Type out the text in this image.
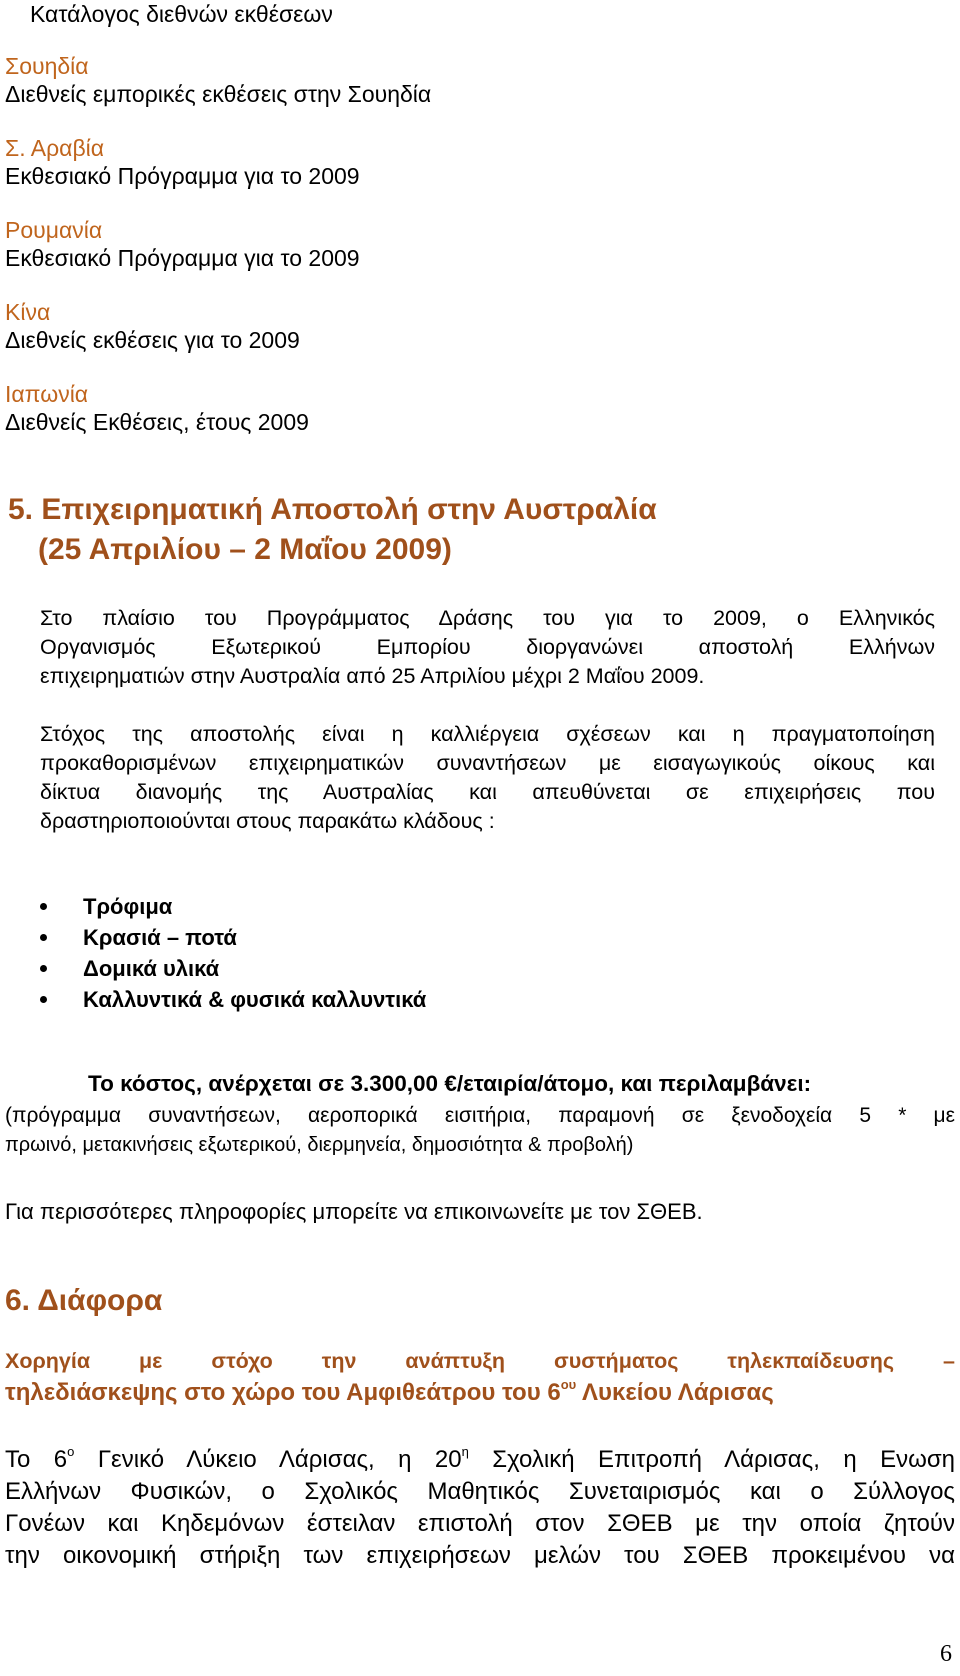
Κατάλογος διεθνών εκθέσεων
Σουηδία
Διεθνείς εμπορικές εκθέσεις στην Σουηδία
Σ. Αραβία
Εκθεσιακό Πρόγραμμα για το 2009
Ρουμανία
Εκθεσιακό Πρόγραμμα για το 2009
Κίνα
Διεθνείς εκθέσεις για το 2009
Ιαπωνία
Διεθνείς Εκθέσεις, έτους 2009
5. Επιχειρηματική Αποστολή στην Αυστραλία
(25 Απριλίου – 2 Μαΐου 2009)
Στο πλαίσιο του Προγράμματος Δράσης του για το 2009, ο Ελληνικός
Οργανισμός Εξωτερικού Εμπορίου διοργανώνει αποστολή Ελλήνων
επιχειρηματιών στην Αυστραλία από 25 Απριλίου μέχρι 2 Μαΐου 2009.
Στόχος της αποστολής είναι η καλλιέργεια σχέσεων και η πραγματοποίηση
προκαθορισμένων επιχειρηματικών συναντήσεων με εισαγωγικούς οίκους και
δίκτυα διανομής της Αυστραλίας και απευθύνεται σε επιχειρήσεις που
δραστηριοποιούνται στους παρακάτω κλάδους :
Τρόφιμα
Κρασιά – ποτά
Δομικά υλικά
Καλλυντικά & φυσικά καλλυντικά
Το κόστος, ανέρχεται σε 3.300,00 €/εταιρία/άτομο, και περιλαμβάνει:
(πρόγραμμα συναντήσεων, αεροπορικά εισιτήρια, παραμονή σε ξενοδοχεία 5 * με
πρωινό, μετακινήσεις εξωτερικού, διερμηνεία, δημοσιότητα & προβολή)
Για περισσότερες πληροφορίες μπορείτε να επικοινωνείτε με τον ΣΘΕΒ.
6. Διάφορα
Χορηγία με στόχο την ανάπτυξη συστήματος τηλεκπαίδευσης –
τηλεδιάσκεψης στο χώρο του Αμφιθεάτρου του $6^{o\upsilon}$ Λυκείου Λάρισας
Το $6^o$ Γενικό Λύκειο Λάρισας, η $20^\eta$ Σχολική Επιτροπή Λάρισας, η Ενωση
Ελλήνων Φυσικών, ο Σχολικός Μαθητικός Συνεταιρισμός και ο Σύλλογος
Γονέων και Κηδεμόνων έστειλαν επιστολή στον ΣΘΕΒ με την οποία ζητούν
την οικονομική στήριξη των επιχειρήσεων μελών του ΣΘΕΒ προκειμένου να
6
